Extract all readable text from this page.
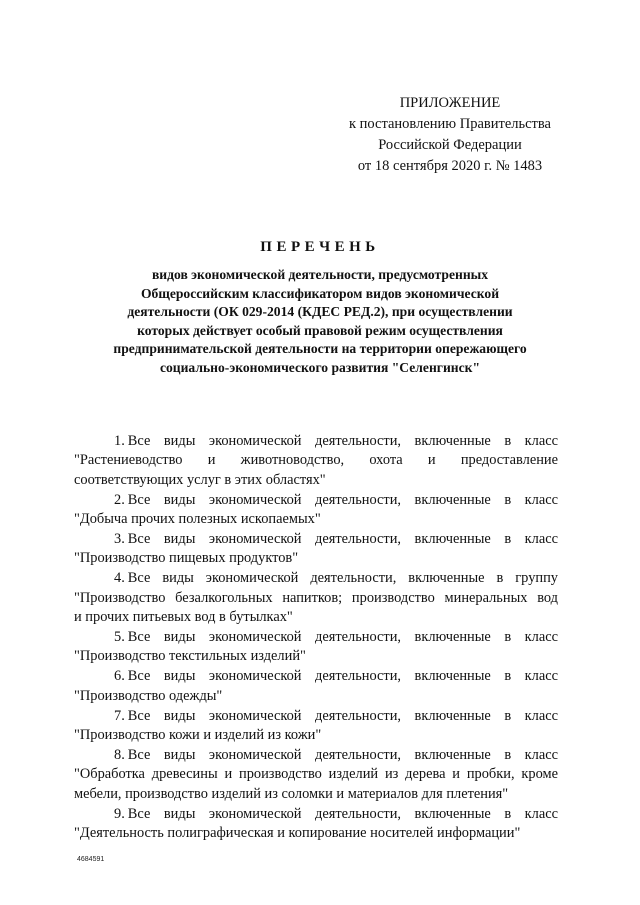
ПРИЛОЖЕНИЕ
к постановлению Правительства
Российской Федерации
от 18 сентября 2020 г. № 1483
ПЕРЕЧЕНЬ
видов экономической деятельности, предусмотренных
Общероссийским классификатором видов экономической
деятельности (ОК 029-2014 (КДЕС РЕД.2), при осуществлении
которых действует особый правовой режим осуществления
предпринимательской деятельности на территории опережающего
социально-экономического развития "Селенгинск"

1. Все виды экономической деятельности, включенные в класс

"Растениеводство и животноводство, охота и предоставление
соответствующих услуг в этих областях"

2. Все виды экономической деятельности, включенные в класс

"Добыча прочих полезных ископаемых"

3. Все виды экономической деятельности, включенные в класс

"Производство пищевых продуктов"

4. Все виды экономической деятельности, включенные в группу

"Производство безалкогольных напитков; производство минеральных вод
и прочих питьевых вод в бутылках"

5. Все виды экономической деятельности, включенные в класс

"Производство текстильных изделий"

6. Все виды экономической деятельности, включенные в класс

"Производство одежды"

7. Все виды экономической деятельности, включенные в класс

"Производство кожи и изделий из кожи"

8. Все виды экономической деятельности, включенные в класс

"Обработка древесины и производство изделий из дерева и пробки, кроме
мебели, производство изделий из соломки и материалов для плетения"

9. Все виды экономической деятельности, включенные в класс

"Деятельность полиграфическая и копирование носителей информации"
4684591
